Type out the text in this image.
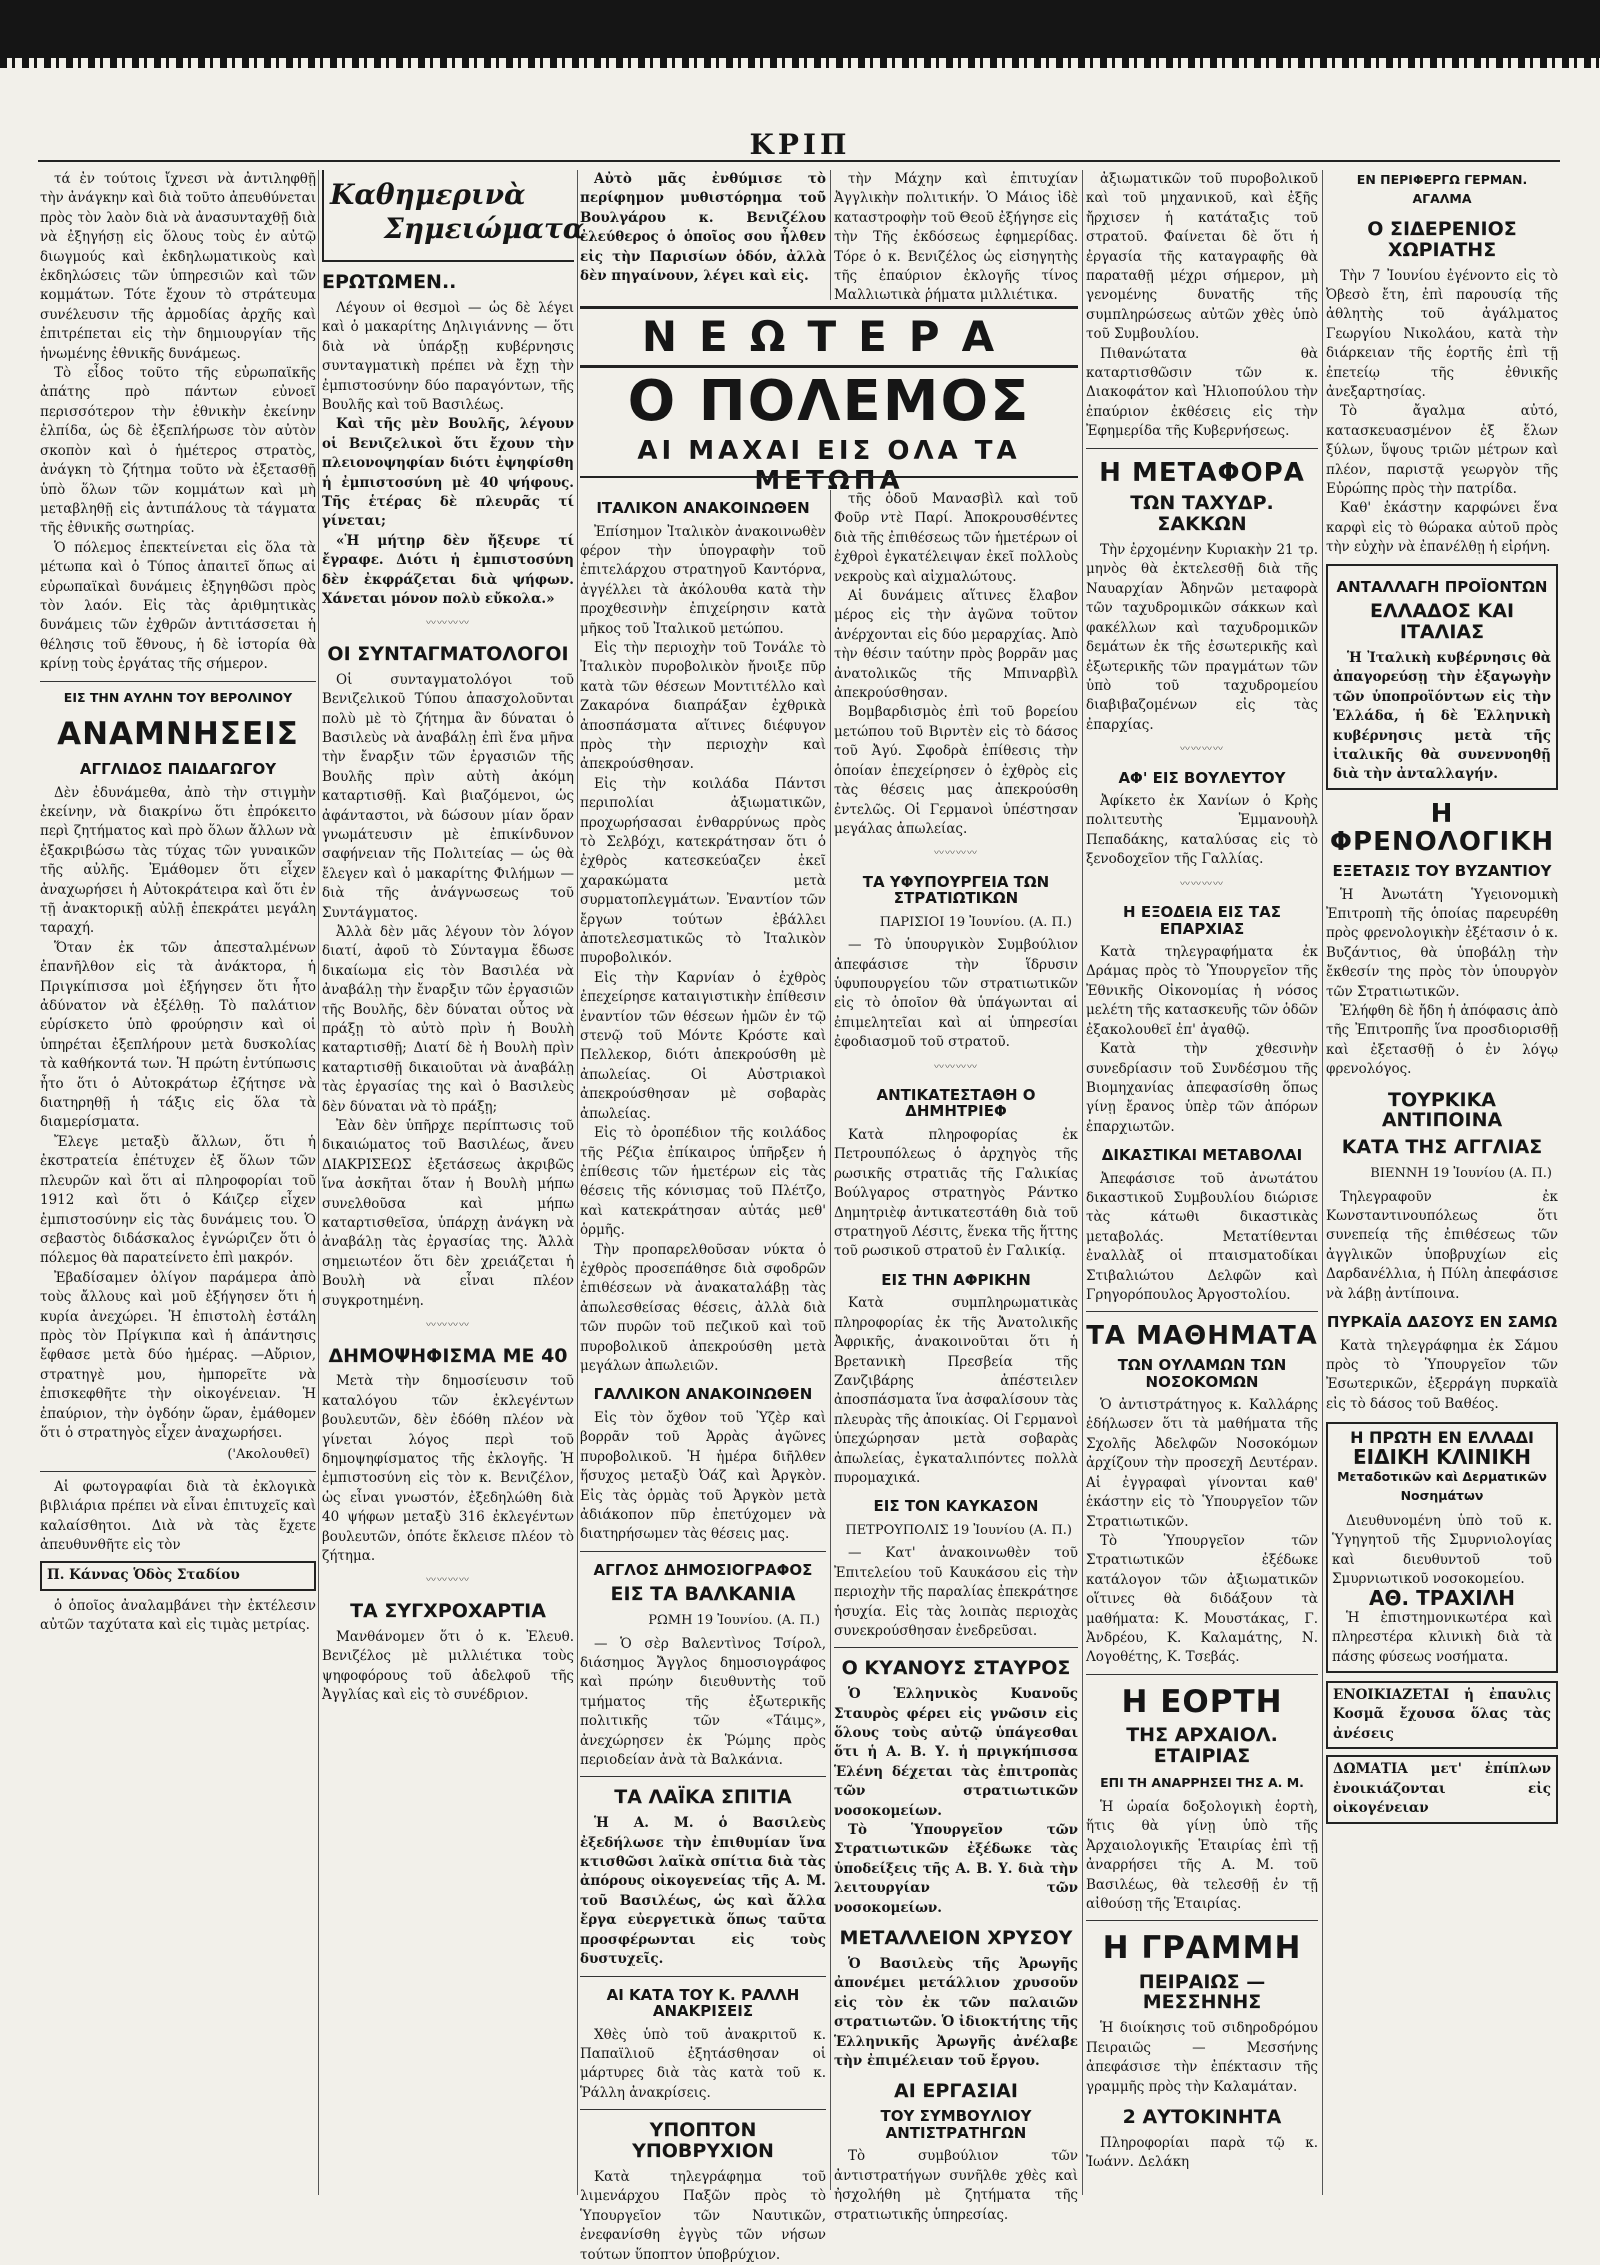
ΚΡΙΠ

τά ἐν τούτοις ἴχνεσι νὰ ἀντιληφθῇ τὴν ἀνάγκην καὶ διὰ τοῦτο ἀπευθύνεται πρὸς τὸν λαὸν διὰ νὰ ἀνασυνταχθῇ διὰ νὰ ἐξηγήσῃ εἰς ὅλους τοὺς ἐν αὐτῷ διωγμούς καὶ ἐκδηλωματικοὺς καὶ ἐκδηλώσεις τῶν ὑπηρεσιῶν καὶ τῶν κομμάτων. Τότε ἔχουν τὸ στράτευμα συνέλευσιν τῆς ἀρμοδίας ἀρχῆς καὶ ἐπιτρέπεται εἰς τὴν δημιουργίαν τῆς ἡνωμένης ἐθνικῆς δυνάμεως.

Τὸ εἶδος τοῦτο τῆς εὐρωπαϊκῆς ἀπάτης πρὸ πάντων εὐνοεῖ περισσότερον τὴν ἐθνικὴν ἐκείνην ἐλπίδα, ὡς δὲ ἐξεπλήρωσε τὸν αὐτὸν σκοπὸν καὶ ὁ ἡμέτερος στρατὸς, ἀνάγκη τὸ ζήτημα τοῦτο νὰ ἐξετασθῇ ὑπὸ ὅλων τῶν κομμάτων καὶ μὴ μεταβληθῇ εἰς ἀντιπάλους τὰ τάγματα τῆς ἐθνικῆς σωτηρίας.

Ὁ πόλεμος ἐπεκτείνεται εἰς ὅλα τὰ μέτωπα καὶ ὁ Τύπος ἀπαιτεῖ ὅπως αἱ εὐρωπαϊκαὶ δυνάμεις ἐξηγηθῶσι πρὸς τὸν λαόν. Εἰς τὰς ἀριθμητικὰς δυνάμεις τῶν ἐχθρῶν ἀντιτάσσεται ἡ θέλησις τοῦ ἔθνους, ἡ δὲ ἱστορία θὰ κρίνῃ τοὺς ἐργάτας τῆς σήμερον.

ΕΙΣ ΤΗΝ ΑΥΛΗΝ ΤΟΥ ΒΕΡΟΛΙΝΟΥ
ΑΝΑΜΝΗΣΕΙΣ
ΑΓΓΛΙΔΟΣ ΠΑΙΔΑΓΩΓΟΥ

Δὲν ἐδυνάμεθα, ἀπὸ τὴν στιγμὴν ἐκείνην, νὰ διακρίνω ὅτι ἐπρόκειτο περὶ ζητήματος καὶ πρὸ ὅλων ἄλλων νὰ ἐξακριβώσω τὰς τύχας τῶν γυναικῶν τῆς αὐλῆς. Ἐμάθομεν ὅτι εἶχεν ἀναχωρήσει ἡ Αὐτοκράτειρα καὶ ὅτι ἐν τῇ ἀνακτορικῇ αὐλῇ ἐπεκράτει μεγάλη ταραχή.

Ὅταν ἐκ τῶν ἀπεσταλμένων ἐπανῆλθον εἰς τὰ ἀνάκτορα, ἡ Πριγκίπισσα μοὶ ἐξήγησεν ὅτι ἦτο ἀδύνατον νὰ ἐξέλθῃ. Τὸ παλάτιον εὑρίσκετο ὑπὸ φρούρησιν καὶ οἱ ὑπηρέται ἐξεπλήρουν μετὰ δυσκολίας τὰ καθήκοντά των. Ἡ πρώτη ἐντύπωσις ἦτο ὅτι ὁ Αὐτοκράτωρ ἐζήτησε νὰ διατηρηθῇ ἡ τάξις εἰς ὅλα τὰ διαμερίσματα.

Ἔλεγε μεταξὺ ἄλλων, ὅτι ἡ ἐκστρατεία ἐπέτυχεν ἐξ ὅλων τῶν πλευρῶν καὶ ὅτι αἱ πληροφορίαι τοῦ 1912 καὶ ὅτι ὁ Κάιζερ εἶχεν ἐμπιστοσύνην εἰς τὰς δυνάμεις του. Ὁ σεβαστὸς διδάσκαλος ἐγνώριζεν ὅτι ὁ πόλεμος θὰ παρατείνετο ἐπὶ μακρόν.

Ἐβαδίσαμεν ὀλίγον παράμερα ἀπὸ τοὺς ἄλλους καὶ μοῦ ἐξήγησεν ὅτι ἡ κυρία ἀνεχώρει. Ἡ ἐπιστολὴ ἐστάλη πρὸς τὸν Πρίγκιπα καὶ ἡ ἀπάντησις ἔφθασε μετὰ δύο ἡμέρας. —Αὔριον, στρατηγὲ μου, ἠμπορεῖτε νὰ ἐπισκεφθῆτε τὴν οἰκογένειαν. Ἡ ἐπαύριον, τὴν ὀγδόην ὥραν, ἐμάθομεν ὅτι ὁ στρατηγὸς εἶχεν ἀναχωρήσει.

('Ακολουθεῖ)

Αἱ φωτογραφίαι διὰ τὰ ἐκλογικὰ βιβλιάρια πρέπει νὰ εἶναι ἐπιτυχεῖς καὶ καλαίσθητοι. Διὰ νὰ τὰς ἔχετε ἀπευθυνθῆτε εἰς τὸν

Π. Κάννας Ὁδὸς Σταδίου

ὁ ὁποῖος ἀναλαμβάνει τὴν ἐκτέλεσιν αὐτῶν ταχύτατα καὶ εἰς τιμὰς μετρίας.

Καθημερινὰ
Σημειώματα
ΕΡΩΤΩΜΕΝ..

Λέγουν οἱ θεσμοὶ — ὡς δὲ λέγει καὶ ὁ μακαρίτης Δηλιγιάννης — ὅτι διὰ νὰ ὑπάρξῃ κυβέρνησις συνταγματικὴ πρέπει νὰ ἔχῃ τὴν ἐμπιστοσύνην δύο παραγόντων, τῆς Βουλῆς καὶ τοῦ Βασιλέως.

Καὶ τῆς μὲν Βουλῆς, λέγουν οἱ Βενιζελικοὶ ὅτι ἔχουν τὴν πλειονοψηφίαν διότι ἐψηφίσθη ἡ ἐμπιστοσύνη μὲ 40 ψήφους. Τῆς ἑτέρας δὲ πλευρᾶς τί γίνεται;

«Ἡ μήτηρ δὲν ἤξευρε τί ἔγραφε. Διότι ἡ ἐμπιστοσύνη δὲν ἐκφράζεται διὰ ψήφων. Χάνεται μόνον πολὺ εὔκολα.»

〰〰〰〰
ΟΙ ΣΥΝΤΑΓΜΑΤΟΛΟΓΟΙ

Οἱ συνταγματολόγοι τοῦ Βενιζελικοῦ Τύπου ἀπασχολοῦνται πολὺ μὲ τὸ ζήτημα ἂν δύναται ὁ Βασιλεὺς νὰ ἀναβάλῃ ἐπὶ ἕνα μῆνα τὴν ἔναρξιν τῶν ἐργασιῶν τῆς Βουλῆς πρὶν αὐτὴ ἀκόμη καταρτισθῇ. Καὶ βιαζόμενοι, ὡς ἀφάνταστοι, νὰ δώσουν μίαν ὅραν γνωμάτευσιν μὲ ἐπικίνδυνον σαφήνειαν τῆς Πολιτείας — ὡς θὰ ἔλεγεν καὶ ὁ μακαρίτης Φιλήμων — διὰ τῆς ἀνάγνωσεως τοῦ Συντάγματος.

Ἀλλὰ δὲν μᾶς λέγουν τὸν λόγον διατί, ἀφοῦ τὸ Σύνταγμα ἔδωσε δικαίωμα εἰς τὸν Βασιλέα νὰ ἀναβάλῃ τὴν ἔναρξιν τῶν ἐργασιῶν τῆς Βουλῆς, δὲν δύναται οὗτος νὰ πράξῃ τὸ αὐτὸ πρὶν ἡ Βουλὴ καταρτισθῇ; Διατί δὲ ἡ Βουλὴ πρὶν καταρτισθῇ δικαιοῦται νὰ ἀναβάλῃ τὰς ἐργασίας της καὶ ὁ Βασιλεὺς δὲν δύναται νὰ τὸ πράξῃ;

Ἐὰν δὲν ὑπῆρχε περίπτωσις τοῦ δικαιώματος τοῦ Βασιλέως, ἄνευ ΔΙΑΚΡΙΣΕΩΣ ἐξετάσεως ἀκριβῶς ἵνα ἀσκῆται ὅταν ἡ Βουλὴ μήπω συνελθοῦσα καὶ μήπω καταρτισθεῖσα, ὑπάρχῃ ἀνάγκη νὰ ἀναβάλῃ τὰς ἐργασίας της. Ἁλλὰ σημειωτέον ὅτι δὲν χρειάζεται ἡ Βουλὴ νὰ εἶναι πλέον συγκροτημένη.

〰〰〰〰
ΔΗΜΟΨΗΦΙΣΜΑ ΜΕ 40

Μετὰ τὴν δημοσίευσιν τοῦ καταλόγου τῶν ἐκλεγέντων βουλευτῶν, δὲν ἐδόθη πλέον νὰ γίνεται λόγος περὶ τοῦ δημοψηφίσματος τῆς ἐκλογῆς. Ἡ ἐμπιστοσύνη εἰς τὸν κ. Βενιζέλον, ὡς εἶναι γνωστόν, ἐξεδηλώθη διὰ 40 ψήφων μεταξὺ 316 ἐκλεγέντων βουλευτῶν, ὁπότε ἔκλεισε πλέον τὸ ζήτημα.

〰〰〰〰
ΤΑ ΣΥΓΧΡΟΧΑΡΤΙΑ

Μανθάνομεν ὅτι ὁ κ. Ἐλευθ. Βενιζέλος μὲ μιλλιέτικα τοὺς ψηφοφόρους τοῦ ἀδελφοῦ τῆς Ἀγγλίας καὶ εἰς τὸ συνέδριον.

Αὐτὸ μᾶς ἐνθύμισε τὸ περίφημον μυθιστόρημα τοῦ Βουλγάρου κ. Βενιζέλου ἐλεύθερος ὁ ὁποῖος σου ἦλθεν εἰς τὴν Παρισίων ὁδόν, ἀλλὰ δὲν πηγαίνουν, λέγει καὶ εἰς.

τὴν Μάχην καὶ ἐπιτυχίαν Ἀγγλικὴν πολιτικήν. Ὁ Μάιος ἰδὲ καταστροφὴν τοῦ Θεοῦ ἐξήγησε εἰς τὴν Τῆς ἐκδόσεως ἐφημερίδας. Τόρε ὁ κ. Βενιζέλος ὡς εἰσηγητὴς τῆς ἐπαύριον ἐκλογῆς τίνος Μαλλιωτικὰ ῥήματα μιλλιέτικα.

ΝΕΩΤΕΡΑ
Ο ΠΟΛΕΜΟΣ
ΑΙ ΜΑΧΑΙ ΕΙΣ ΟΛΑ ΤΑ ΜΕΤΩΠΑ
ΙΤΑΛΙΚΟΝ ΑΝΑΚΟΙΝΩΘΕΝ

Ἐπίσημον Ἰταλικὸν ἀνακοινωθὲν φέρον τὴν ὑπογραφὴν τοῦ ἐπιτελάρχου στρατηγοῦ Καντόρνα, ἀγγέλλει τὰ ἀκόλουθα κατὰ τὴν προχθεσινὴν ἐπιχείρησιν κατὰ μῆκος τοῦ Ἰταλικοῦ μετώπου.

Εἰς τὴν περιοχὴν τοῦ Τονάλε τὸ Ἰταλικὸν πυροβολικὸν ἤνοιξε πῦρ κατὰ τῶν θέσεων Μοντιτέλλο καὶ Ζακαρόνα διαπράξαν ἐχθρικὰ ἀποσπάσματα αἵτινες διέφυγον πρὸς τὴν περιοχὴν καὶ ἀπεκρούσθησαν.

Εἰς τὴν κοιλάδα Πάντσι περιπολίαι ἀξιωματικῶν, προχωρήσασαι ἐνθαρρύνως πρὸς τὸ Σελβόχι, κατεκράτησαν ὅτι ὁ ἐχθρὸς κατεσκεύαζεν ἐκεῖ χαρακώματα μετὰ συρματοπλεγμάτων. Ἐναντίον τῶν ἔργων τούτων ἐβάλλει ἀποτελεσματικῶς τὸ Ἰταλικὸν πυροβολικόν.

Εἰς τὴν Καρνίαν ὁ ἐχθρὸς ἐπεχείρησε καταιγιστικὴν ἐπίθεσιν ἐναντίον τῶν θέσεων ἡμῶν ἐν τῷ στενῷ τοῦ Μόντε Κρόστε καὶ Πελλεκορ, διότι ἀπεκρούσθη μὲ ἀπωλείας. Οἱ Αὐστριακοὶ ἀπεκρούσθησαν μὲ σοβαρὰς ἀπωλείας.

Εἰς τὸ ὀροπέδιον τῆς κοιλάδος τῆς Ρέζια ἐπίκαιρος ὑπῆρξεν ἡ ἐπίθεσις τῶν ἡμετέρων εἰς τὰς θέσεις τῆς κόνισμας τοῦ Πλέτζο, καὶ κατεκράτησαν αὐτάς μεθ' ὁρμῆς.

Τὴν προπαρελθοῦσαν νύκτα ὁ ἐχθρὸς προσεπάθησε διὰ σφοδρῶν ἐπιθέσεων νὰ ἀνακαταλάβῃ τὰς ἀπωλεσθείσας θέσεις, ἀλλὰ διὰ τῶν πυρῶν τοῦ πεζικοῦ καὶ τοῦ πυροβολικοῦ ἀπεκρούσθη μετὰ μεγάλων ἀπωλειῶν.

ΓΑΛΛΙΚΟΝ ΑΝΑΚΟΙΝΩΘΕΝ

Εἰς τὸν ὄχθον τοῦ Ὑζὲρ καὶ βορρᾶν τοῦ Ἀρρὰς ἀγῶνες πυροβολικοῦ. Ἡ ἡμέρα διῆλθεν ἥσυχος μεταξὺ Ὀάζ καὶ Ἀργκὸν. Εἰς τὰς ὁρμὰς τοῦ Ἀργκὸν μετὰ ἀδιάκοπον πῦρ ἐπετύχομεν νὰ διατηρήσωμεν τὰς θέσεις μας.

ΑΓΓΛΟΣ ΔΗΜΟΣΙΟΓΡΑΦΟΣ
ΕΙΣ ΤΑ ΒΑΛΚΑΝΙΑ
ΡΩΜΗ 19 Ἰουνίου. (Α. Π.)

— Ὁ σὲρ Βαλεντὶνος Τσίρολ, διάσημος Ἄγγλος δημοσιογράφος καὶ πρώην διευθυντὴς τοῦ τμήματος τῆς ἐξωτερικῆς πολιτικῆς τῶν «Τάιμς», ἀνεχώρησεν ἐκ Ῥώμης πρὸς περιοδείαν ἀνὰ τὰ Βαλκάνια.

ΤΑ ΛΑΪΚΑ ΣΠΙΤΙΑ

Ἡ Α. Μ. ὁ Βασιλεὺς ἐξεδήλωσε τὴν ἐπιθυμίαν ἵνα κτισθῶσι λαϊκὰ σπίτια διὰ τὰς ἀπόρους οἰκογενείας τῆς Α. Μ. τοῦ Βασιλέως, ὡς καὶ ἄλλα ἔργα εὐεργετικὰ ὅπως ταῦτα προσφέρωνται εἰς τοὺς δυστυχεῖς.

ΑΙ ΚΑΤΑ ΤΟΥ Κ. ΡΑΛΛΗ ΑΝΑΚΡΙΣΕΙΣ

Χθὲς ὑπὸ τοῦ ἀνακριτοῦ κ. Παπαϊλιοῦ ἐξητάσθησαν οἱ μάρτυρες διὰ τὰς κατὰ τοῦ κ. Ῥάλλη ἀνακρίσεις.

ΥΠΟΠΤΟΝ ΥΠΟΒΡΥΧΙΟΝ

Κατὰ τηλεγράφημα τοῦ λιμενάρχου Παξῶν πρὸς τὸ Ὑπουργεῖον τῶν Ναυτικῶν, ἐνεφανίσθη ἐγγὺς τῶν νήσων τούτων ὕποπτον ὑποβρύχιον.

τῆς ὁδοῦ Μανασβὶλ καὶ τοῦ Φοῦρ ντὲ Παρί. Ἀποκρουσθέντες διὰ τῆς ἐπιθέσεως τῶν ἡμετέρων οἱ ἐχθροὶ ἐγκατέλειψαν ἐκεῖ πολλοὺς νεκροὺς καὶ αἰχμαλώτους.

Αἱ δυνάμεις αἵτινες ἔλαβον μέρος εἰς τὴν ἀγῶνα τοῦτον ἀνέρχονται εἰς δύο μεραρχίας. Ἀπὸ τὴν θέσιν ταύτην πρὸς βορρᾶν μας ἀνατολικῶς τῆς Μπιναρβὶλ ἀπεκρούσθησαν.

Βομβαρδισμὸς ἐπὶ τοῦ βορείου μετώπου τοῦ Βιρντὲν εἰς τὸ δάσος τοῦ Ἀγύ. Σφοδρὰ ἐπίθεσις τὴν ὁποίαν ἐπεχείρησεν ὁ ἐχθρὸς εἰς τὰς θέσεις μας ἀπεκρούσθη ἐντελῶς. Οἱ Γερμανοὶ ὑπέστησαν μεγάλας ἀπωλείας.

〰〰〰〰
ΤΑ ΥΦΥΠΟΥΡΓΕΙΑ ΤΩΝ ΣΤΡΑΤΙΩΤΙΚΩΝ
ΠΑΡΙΣΙΟΙ 19 Ἰουνίου. (Α. Π.)

— Τὸ ὑπουργικὸν Συμβούλιον ἀπεφάσισε τὴν ἵδρυσιν ὑφυπουργείου τῶν στρατιωτικῶν εἰς τὸ ὁποῖον θὰ ὑπάγωνται αἱ ἐπιμελητεῖαι καὶ αἱ ὑπηρεσίαι ἐφοδιασμοῦ τοῦ στρατοῦ.

〰〰〰〰
ΑΝΤΙΚΑΤΕΣΤΑΘΗ Ο ΔΗΜΗΤΡΙΕΦ

Κατὰ πληροφορίας ἐκ Πετρουπόλεως ὁ ἀρχηγὸς τῆς ρωσικῆς στρατιᾶς τῆς Γαλικίας Βούλγαρος στρατηγὸς Ράντκο Δημητριὲφ ἀντικατεστάθη διὰ τοῦ στρατηγοῦ Λέσιτς, ἕνεκα τῆς ἥττης τοῦ ρωσικοῦ στρατοῦ ἐν Γαλικίᾳ.

ΕΙΣ ΤΗΝ ΑΦΡΙΚΗΝ

Κατὰ συμπληρωματικὰς πληροφορίας ἐκ τῆς Ἀνατολικῆς Ἀφρικῆς, ἀνακοινοῦται ὅτι ἡ Βρετανικὴ Πρεσβεία τῆς Ζανζιβάρης ἀπέστειλεν ἀποσπάσματα ἵνα ἀσφαλίσουν τὰς πλευρὰς τῆς ἀποικίας. Οἱ Γερμανοὶ ὑπεχώρησαν μετὰ σοβαρὰς ἀπωλείας, ἐγκαταλιπόντες πολλὰ πυρομαχικά.

ΕΙΣ ΤΟΝ ΚΑΥΚΑΣΟΝ
ΠΕΤΡΟΥΠΟΛΙΣ 19 Ἰουνίου (Α. Π.)

— Κατ' ἀνακοινωθὲν τοῦ Ἐπιτελείου τοῦ Καυκάσου εἰς τὴν περιοχὴν τῆς παραλίας ἐπεκράτησε ἡσυχία. Εἰς τὰς λοιπὰς περιοχὰς συνεκρούσθησαν ἐνεδρεῦσαι.

Ο ΚΥΑΝΟΥΣ ΣΤΑΥΡΟΣ

Ὁ Ἑλληνικὸς Κυανοῦς Σταυρὸς φέρει εἰς γνῶσιν εἰς ὅλους τοὺς αὐτῷ ὑπάγεσθαι ὅτι ἡ Α. Β. Υ. ἡ πριγκήπισσα Ἑλένη δέχεται τὰς ἐπιτροπὰς τῶν στρατιωτικῶν νοσοκομείων.

Τὸ Ὑπουργεῖον τῶν Στρατιωτικῶν ἐξέδωκε τὰς ὑποδείξεις τῆς Α. Β. Υ. διὰ τὴν λειτουργίαν τῶν νοσοκομείων.

ΜΕΤΑΛΛΕΙΟΝ ΧΡΥΣΟΥ

Ὁ Βασιλεὺς τῆς Ἀρωγῆς ἀπονέμει μετάλλιον χρυσοῦν εἰς τὸν ἐκ τῶν παλαιῶν στρατιωτῶν. Ὁ ἰδιοκτήτης τῆς Ἑλληνικῆς Ἀρωγῆς ἀνέλαβε τὴν ἐπιμέλειαν τοῦ ἔργου.

ΑΙ ΕΡΓΑΣΙΑΙ
ΤΟΥ ΣΥΜΒΟΥΛΙΟΥ ΑΝΤΙΣΤΡΑΤΗΓΩΝ

Τὸ συμβούλιον τῶν ἀντιστρατήγων συνῆλθε χθὲς καὶ ἠσχολήθη μὲ ζητήματα τῆς στρατιωτικῆς ὑπηρεσίας.

ἀξιωματικῶν τοῦ πυροβολικοῦ καὶ τοῦ μηχανικοῦ, καὶ ἐξῆς ἤρχισεν ἡ κατάταξις τοῦ στρατοῦ. Φαίνεται δὲ ὅτι ἡ ἐργασία τῆς καταγραφῆς θὰ παραταθῇ μέχρι σήμερον, μὴ γενομένης δυνατῆς τῆς συμπληρώσεως αὐτῶν χθὲς ὑπὸ τοῦ Συμβουλίου.

Πιθανώτατα θὰ καταρτισθῶσιν τῶν κ. Διακοφάτον καὶ Ἠλιοπούλου τὴν ἐπαύριον ἐκθέσεις εἰς τὴν Ἐφημερίδα τῆς Κυβερνήσεως.

Η ΜΕΤΑΦΟΡΑ
ΤΩΝ ΤΑΧΥΔΡ. ΣΑΚΚΩΝ

Τὴν ἐρχομένην Κυριακὴν 21 τρ. μηνὸς θὰ ἐκτελεσθῇ διὰ τῆς Ναυαρχίαν Ἀδηνῶν μεταφορὰ τῶν ταχυδρομικῶν σάκκων καὶ φακέλλων καὶ ταχυδρομικῶν δεμάτων ἐκ τῆς ἐσωτερικῆς καὶ ἐξωτερικῆς τῶν πραγμάτων τῶν ὑπὸ τοῦ ταχυδρομείου διαβιβαζομένων εἰς τὰς ἐπαρχίας.

〰〰〰〰
ΑΦ' ΕΙΣ ΒΟΥΛΕΥΤΟΥ

Ἀφίκετο ἐκ Χανίων ὁ Κρὴς πολιτευτὴς Ἐμμανουὴλ Πεπαδάκης, καταλύσας εἰς τὸ ξενοδοχεῖον τῆς Γαλλίας.

〰〰〰〰
Η ΕΞΟΔΕΙΑ ΕΙΣ ΤΑΣ ΕΠΑΡΧΙΑΣ

Κατὰ τηλεγραφήματα ἐκ Δράμας πρὸς τὸ Ὑπουργεῖον τῆς Ἐθνικῆς Οἰκονομίας ἡ νόσος μελέτη τῆς κατασκευῆς τῶν ὁδῶν ἐξακολουθεῖ ἐπ' ἀγαθῷ.

Κατὰ τὴν χθεσινὴν συνεδρίασιν τοῦ Συνδέσμου τῆς Βιομηχανίας ἀπεφασίσθη ὅπως γίνῃ ἔρανος ὑπὲρ τῶν ἀπόρων ἐπαρχιωτῶν.

ΔΙΚΑΣΤΙΚΑΙ ΜΕΤΑΒΟΛΑΙ

Ἀπεφάσισε τοῦ ἀνωτάτου δικαστικοῦ Συμβουλίου διώρισε τὰς κάτωθι δικαστικὰς μεταβολάς. Μετατίθενται ἐναλλὰξ οἱ πταισματοδίκαι Στιβαλιώτου Δελφῶν καὶ Γρηγορόπουλος Ἀργοστολίου.

ΤΑ ΜΑΘΗΜΑΤΑ
ΤΩΝ ΟΥΛΑΜΩΝ ΤΩΝ ΝΟΣΟΚΟΜΩΝ

Ὁ ἀντιστράτηγος κ. Καλλάρης ἐδήλωσεν ὅτι τὰ μαθήματα τῆς Σχολῆς Ἀδελφῶν Νοσοκόμων ἀρχίζουν τὴν προσεχῆ Δευτέραν. Αἱ ἐγγραφαὶ γίνονται καθ' ἑκάστην εἰς τὸ Ὑπουργεῖον τῶν Στρατιωτικῶν.

Τὸ Ὑπουργεῖον τῶν Στρατιωτικῶν ἐξέδωκε κατάλογον τῶν ἀξιωματικῶν οἵτινες θὰ διδάξουν τὰ μαθήματα: Κ. Μουστάκας, Γ. Ἀνδρέου, Κ. Καλαμάτης, Ν. Λογοθέτης, Κ. Τσεβάς.

Η ΕΟΡΤΗ
ΤΗΣ ΑΡΧΑΙΟΛ. ΕΤΑΙΡΙΑΣ
ΕΠΙ ΤΗ ΑΝΑΡΡΗΣΕΙ ΤΗΣ Α. Μ.

Ἡ ὡραία δοξολογικὴ ἑορτὴ, ἥτις θὰ γίνῃ ὑπὸ τῆς Ἀρχαιολογικῆς Ἑταιρίας ἐπὶ τῇ ἀναρρήσει τῆς Α. Μ. τοῦ Βασιλέως, θὰ τελεσθῇ ἐν τῇ αἰθούσῃ τῆς Ἑταιρίας.

Η ΓΡΑΜΜΗ
ΠΕΙΡΑΙΩΣ — ΜΕΣΣΗΝΗΣ

Ἡ διοίκησις τοῦ σιδηροδρόμου Πειραιῶς — Μεσσήνης ἀπεφάσισε τὴν ἐπέκτασιν τῆς γραμμῆς πρὸς τὴν Καλαμάταν.

2 ΑΥΤΟΚΙΝΗΤΑ

Πληροφορίαι παρὰ τῷ κ. Ἰωάνν. Δελάκη

ΕΝ ΠΕΡΙΦΕΡΓΩ ΓΕΡΜΑΝ. ΑΓΑΛΜΑ
Ο ΣΙΔΕΡΕΝΙΟΣ ΧΩΡΙΑΤΗΣ

Τὴν 7 Ἰουνίου ἐγένοντο εἰς τὸ Ὀβεσὸ ἔτη, ἐπὶ παρουσίᾳ τῆς ἀθλητὴς τοῦ ἀγάλματος Γεωργίου Νικολάου, κατὰ τὴν διάρκειαν τῆς ἑορτῆς ἐπὶ τῇ ἐπετείῳ τῆς ἐθνικῆς ἀνεξαρτησίας.

Τὸ ἄγαλμα αὐτό, κατασκευασμένον ἐξ ἔλων ξύλων, ὕψους τριῶν μέτρων καὶ πλέον, παριστᾷ γεωργὸν τῆς Εὐρώπης πρὸς τὴν πατρίδα.

Καθ' ἑκάστην καρφώνει ἕνα καρφὶ εἰς τὸ θώρακα αὐτοῦ πρὸς τὴν εὐχὴν νὰ ἐπανέλθῃ ἡ εἰρήνη.

ΑΝΤΑΛΛΑΓΗ ΠΡΟΪΟΝΤΩΝ
ΕΛΛΑΔΟΣ ΚΑΙ ΙΤΑΛΙΑΣ

Ἡ Ἰταλικὴ κυβέρνησις θὰ ἀπαγορεύσῃ τὴν ἐξαγωγὴν τῶν ὑποπροϊόντων εἰς τὴν Ἑλλάδα, ἡ δὲ Ἑλληνικὴ κυβέρνησις μετὰ τῆς ἰταλικῆς θὰ συνεννοηθῇ διὰ τὴν ἀνταλλαγήν.

Η ΦΡΕΝΟΛΟΓΙΚΗ
ΕΞΕΤΑΣΙΣ ΤΟΥ ΒΥΖΑΝΤΙΟΥ

Ἡ Ἀνωτάτη Ὑγειονομικὴ Ἐπιτροπὴ τῆς ὁποίας παρευρέθη πρὸς φρενολογικὴν ἐξέτασιν ὁ κ. Βυζάντιος, θὰ ὑποβάλῃ τὴν ἔκθεσίν της πρὸς τὸν ὑπουργὸν τῶν Στρατιωτικῶν.

Ἐλήφθη δὲ ἤδη ἡ ἀπόφασις ἀπὸ τῆς Ἐπιτροπῆς ἵνα προσδιορισθῇ καὶ ἐξετασθῇ ὁ ἐν λόγῳ φρενολόγος.

ΤΟΥΡΚΙΚΑ ΑΝΤΙΠΟΙΝΑ
ΚΑΤΑ ΤΗΣ ΑΓΓΛΙΑΣ
ΒΙΕΝΝΗ 19 Ἰουνίου (Α. Π.)

Τηλεγραφοῦν ἐκ Κωνσταντινουπόλεως ὅτι συνεπείᾳ τῆς ἐπιθέσεως τῶν ἀγγλικῶν ὑποβρυχίων εἰς Δαρδανέλλια, ἡ Πύλη ἀπεφάσισε νὰ λάβῃ ἀντίποινα.

ΠΥΡΚΑΪΑ ΔΑΣΟΥΣ ΕΝ ΣΑΜΩ

Κατὰ τηλεγράφημα ἐκ Σάμου πρὸς τὸ Ὑπουργεῖον τῶν Ἐσωτερικῶν, ἐξερράγη πυρκαϊὰ εἰς τὸ δάσος τοῦ Βαθέος.

Η ΠΡΩΤΗ ΕΝ ΕΛΛΑΔΙ
ΕΙΔΙΚΗ ΚΛΙΝΙΚΗ
Μεταδοτικῶν καὶ Δερματικῶν Νοσημάτων

Διευθυνομένη ὑπὸ τοῦ κ. Ὑγηγητοῦ τῆς Σμυρνιολογίας καὶ διευθυντοῦ τοῦ Σμυρνιωτικοῦ νοσοκομείου.

ΑΘ. ΤΡΑΧΙΛΗ

Ἡ ἐπιστημονικωτέρα καὶ πληρεστέρα κλινικὴ διὰ τὰ πάσης φύσεως νοσήματα.

ΕΝΟΙΚΙΑΖΕΤΑΙ ἡ ἐπαυλις Κοσμᾶ ἔχουσα ὅλας τὰς ἀνέσεις
ΔΩΜΑΤΙΑ μετ' ἐπίπλων ἐνοικιάζονται εἰς οἰκογένειαν
